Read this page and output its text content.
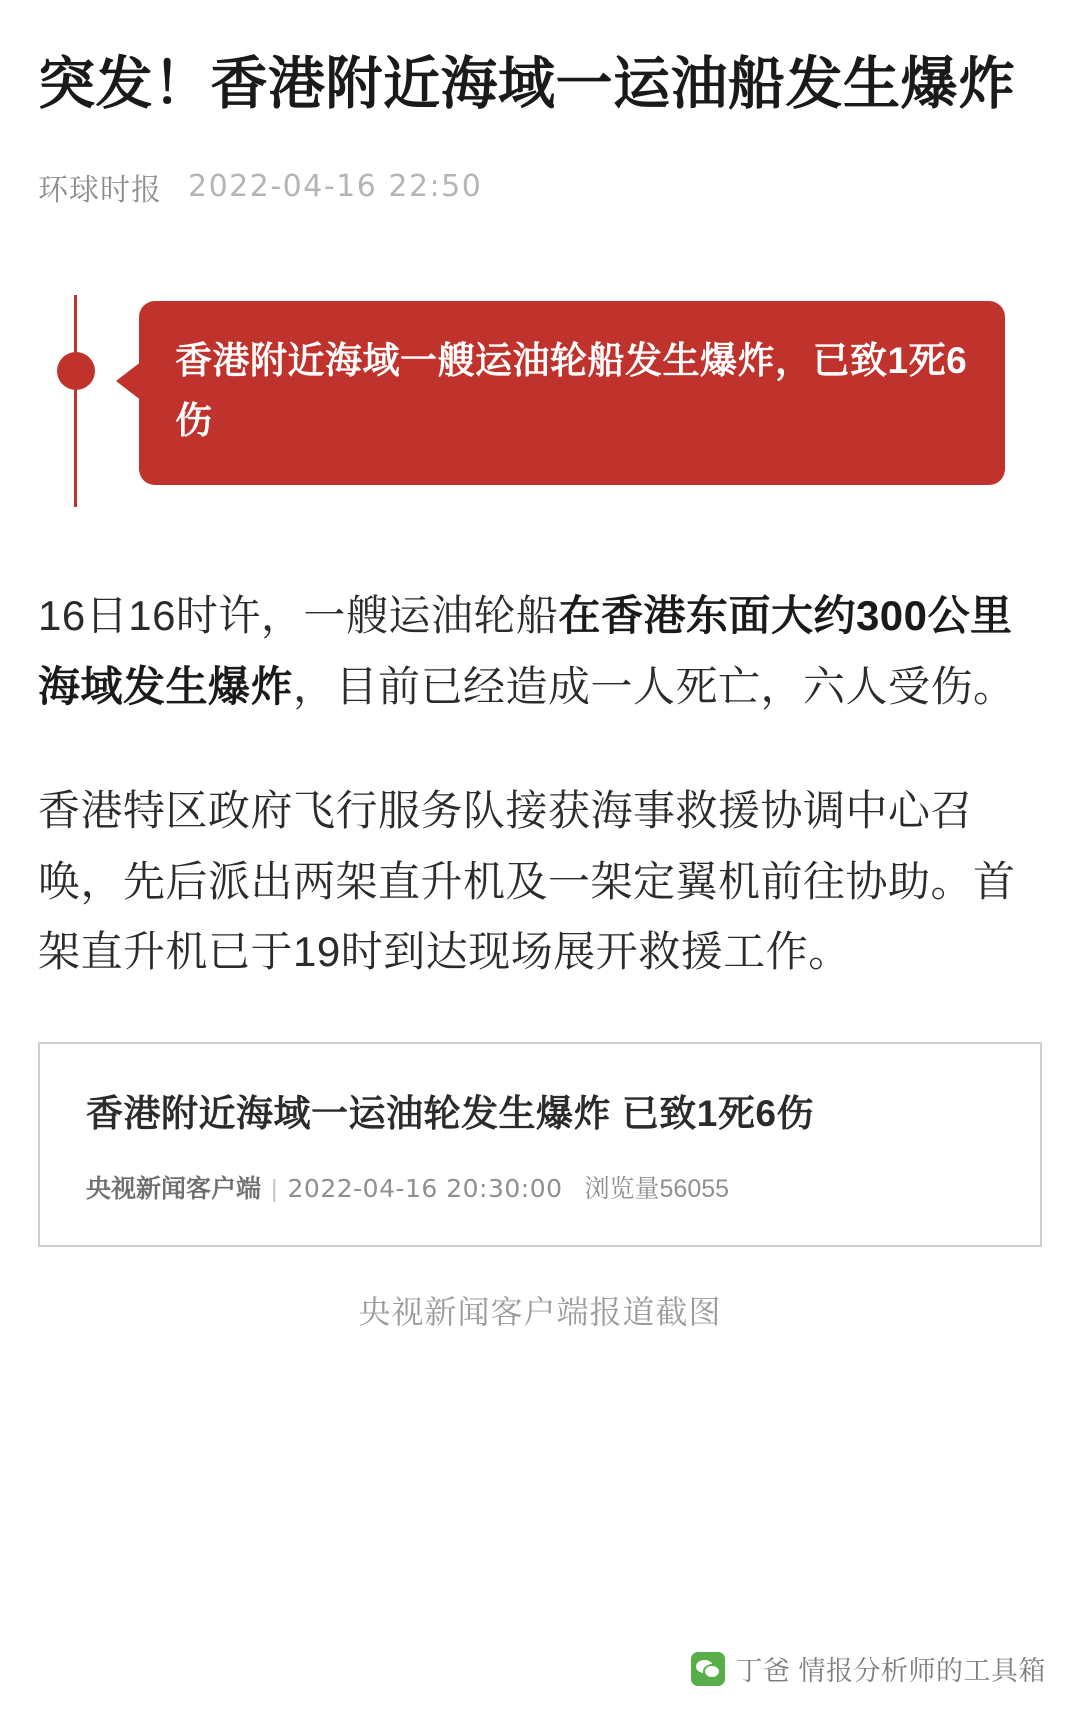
突发！香港附近海域一运油船发生爆炸
环球时报 2022-04-16 22:50
香港附近海域一艘运油轮船发生爆炸，已致1死6伤

16日16时许，一艘运油轮船在香港东面大约300公里海域发生爆炸，目前已经造成一人死亡，六人受伤。

香港特区政府飞行服务队接获海事救援协调中心召唤，先后派出两架直升机及一架定翼机前往协助。首架直升机已于19时到达现场展开救援工作。

香港附近海域一运油轮发生爆炸 已致1死6伤
央视新闻客户端 | 2022-04-16 20:30:00 浏览量56055
央视新闻客户端报道截图
丁爸 情报分析师的工具箱
